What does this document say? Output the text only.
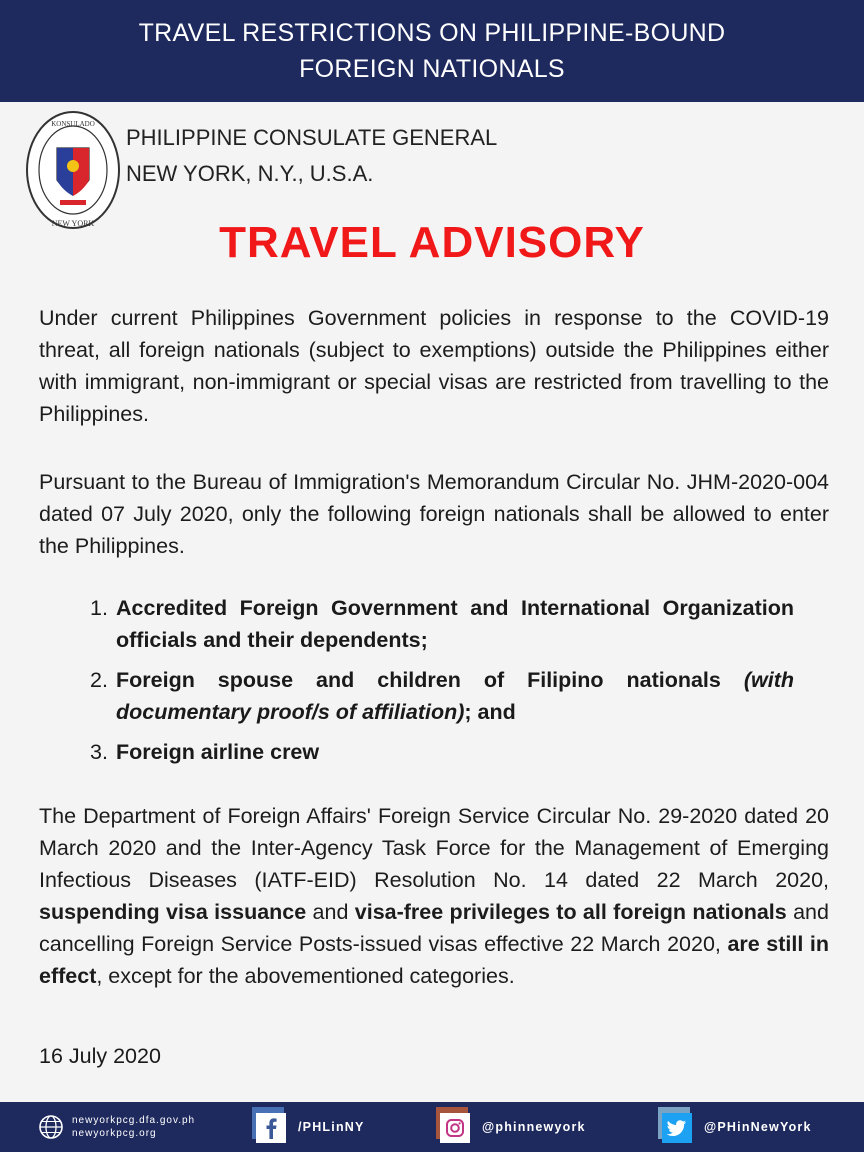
TRAVEL RESTRICTIONS ON PHILIPPINE-BOUND
FOREIGN NATIONALS
KONSULADO
NEW YORK
PHILIPPINE CONSULATE GENERAL
NEW YORK, N.Y., U.S.A.
TRAVEL ADVISORY
Under current Philippines Government policies in response to the COVID-19 threat, all foreign nationals (subject to exemptions) outside the Philippines either with immigrant, non-immigrant or special visas are restricted from travelling to the Philippines.
Pursuant to the Bureau of Immigration's Memorandum Circular No. JHM-2020-004 dated 07 July 2020, only the following foreign nationals shall be allowed to enter the Philippines.
1. Accredited Foreign Government and International Organization officials and their dependents;
2. Foreign spouse and children of Filipino nationals (with documentary proof/s of affiliation); and
3. Foreign airline crew
The Department of Foreign Affairs' Foreign Service Circular No. 29-2020 dated 20 March 2020 and the Inter-Agency Task Force for the Management of Emerging Infectious Diseases (IATF-EID) Resolution No. 14 dated 22 March 2020, suspending visa issuance and visa-free privileges to all foreign nationals and cancelling Foreign Service Posts-issued visas effective 22 March 2020, are still in effect, except for the abovementioned categories.
16 July 2020
newyorkpcg.dfa.gov.ph
newyorkpcg.org	/PHLinNY	@phinnewyork	@PHinNewYork
